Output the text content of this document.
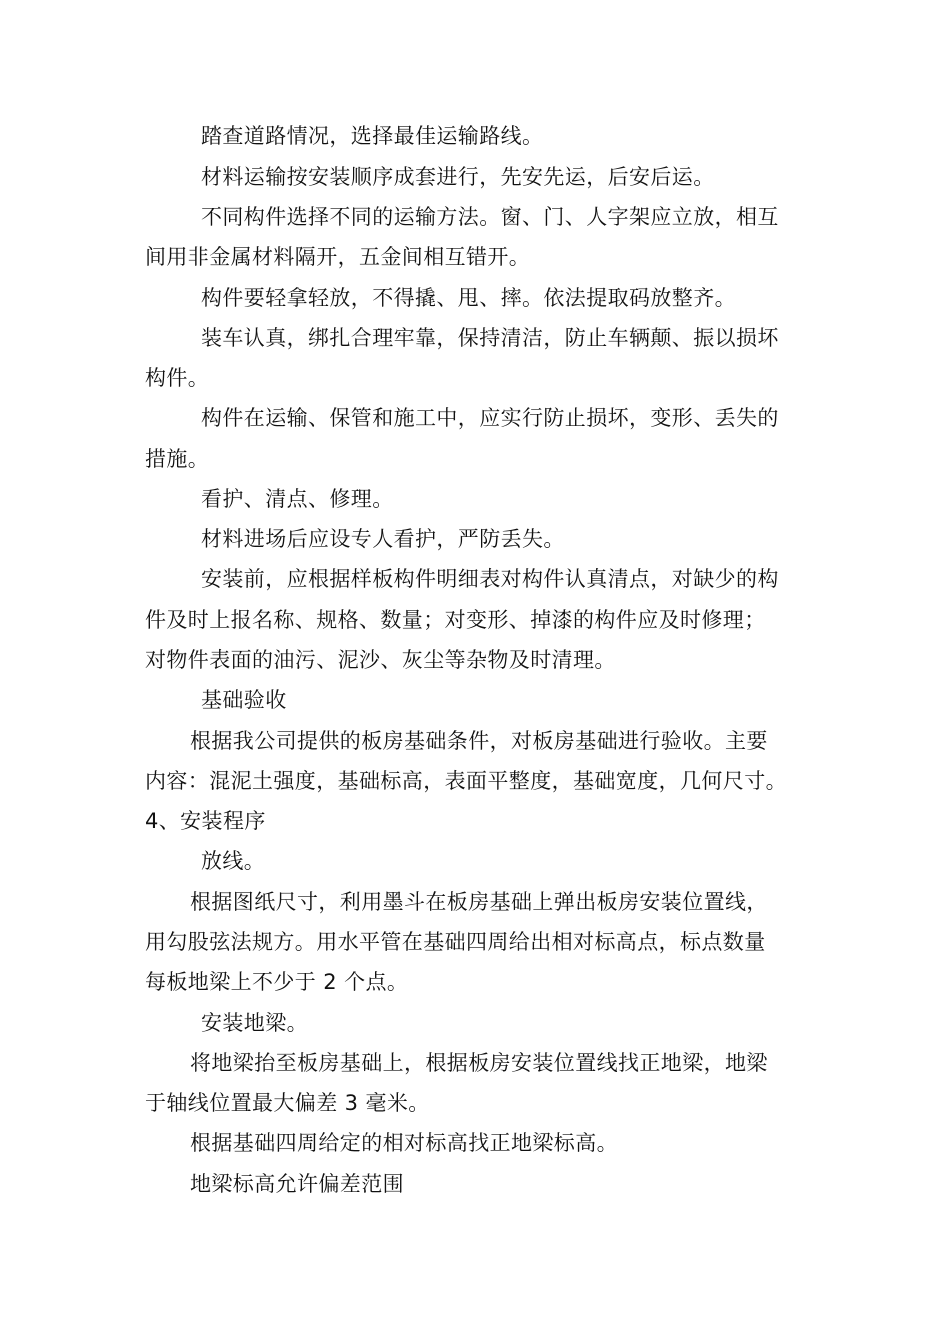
踏查道路情况，选择最佳运输路线。
材料运输按安装顺序成套进行，先安先运，后安后运。
不同构件选择不同的运输方法。窗、门、人字架应立放，相互
间用非金属材料隔开，五金间相互错开。
构件要轻拿轻放，不得撬、甩、摔。依法提取码放整齐。
装车认真，绑扎合理牢靠，保持清洁，防止车辆颠、振以损坏
构件。
构件在运输、保管和施工中，应实行防止损坏，变形、丢失的
措施。
看护、清点、修理。
材料进场后应设专人看护，严防丢失。
安装前，应根据样板构件明细表对构件认真清点，对缺少的构
件及时上报名称、规格、数量；对变形、掉漆的构件应及时修理；
对物件表面的油污、泥沙、灰尘等杂物及时清理。
基础验收
根据我公司提供的板房基础条件，对板房基础进行验收。主要
内容：混泥土强度，基础标高，表面平整度，基础宽度，几何尺寸。
4、安装程序
放线。
根据图纸尺寸，利用墨斗在板房基础上弹出板房安装位置线，
用勾股弦法规方。用水平管在基础四周给出相对标高点，标点数量
每板地梁上不少于 2 个点。
安装地梁。
将地梁抬至板房基础上，根据板房安装位置线找正地梁，地梁
于轴线位置最大偏差 3 毫米。
根据基础四周给定的相对标高找正地梁标高。
地梁标高允许偏差范围
